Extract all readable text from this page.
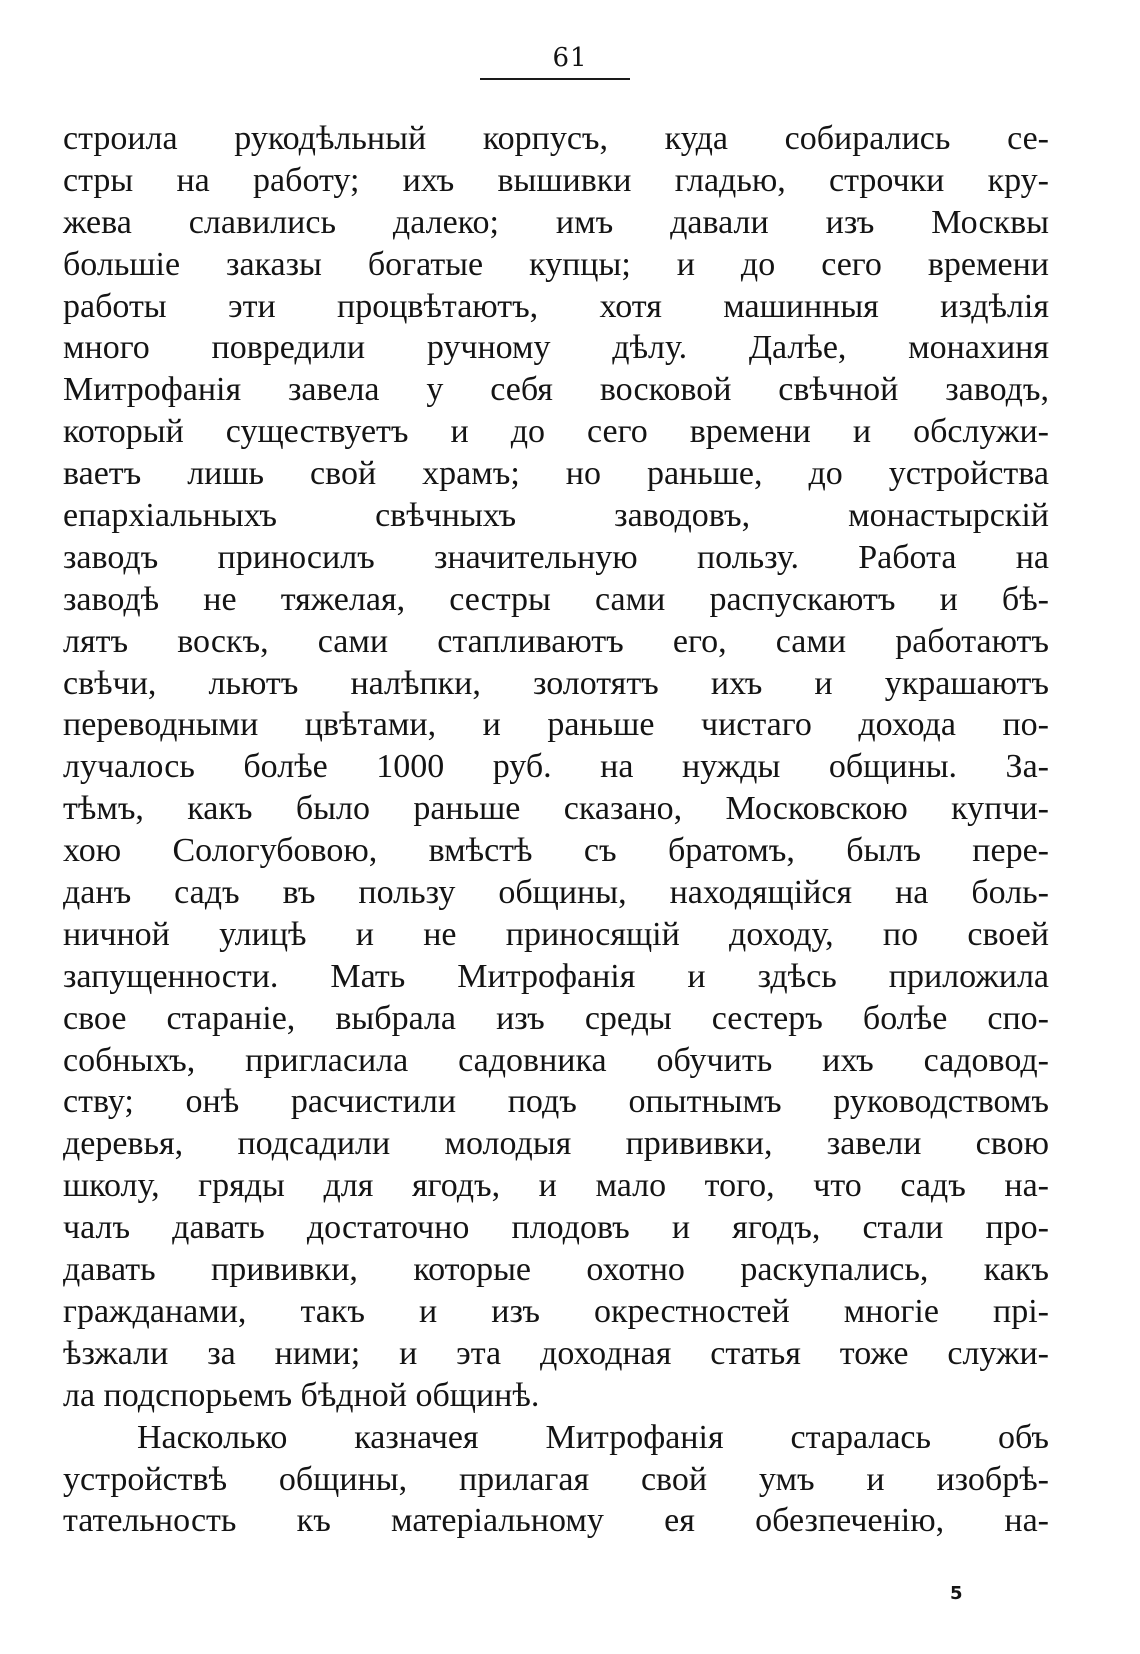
61
строила рукодѣльный корпусъ, куда собирались се-
стры на работу; ихъ вышивки гладью, строчки кру-
жева славились далеко; имъ давали изъ Москвы
большіе заказы богатые купцы; и до сего времени
работы эти процвѣтаютъ, хотя машинныя издѣлія
много повредили ручному дѣлу. Далѣе, монахиня
Митрофанія завела у себя восковой свѣчной заводъ,
который существуетъ и до сего времени и обслужи-
ваетъ лишь свой храмъ; но раньше, до устройства
епархіальныхъ свѣчныхъ заводовъ, монастырскій
заводъ приносилъ значительную пользу. Работа на
заводѣ не тяжелая, сестры сами распускаютъ и бѣ-
лятъ воскъ, сами стапливаютъ его, сами работаютъ
свѣчи, льютъ налѣпки, золотятъ ихъ и украшаютъ
переводными цвѣтами, и раньше чистаго дохода по-
лучалось болѣе 1000 руб. на нужды общины. За-
тѣмъ, какъ было раньше сказано, Московскою купчи-
хою Сологубовою, вмѣстѣ съ братомъ, былъ пере-
данъ садъ въ пользу общины, находящійся на боль-
ничной улицѣ и не приносящій доходу, по своей
запущенности. Мать Митрофанія и здѣсь приложила
свое стараніе, выбрала изъ среды сестеръ болѣе спо-
собныхъ, пригласила садовника обучить ихъ садовод-
ству; онѣ расчистили подъ опытнымъ руководствомъ
деревья, подсадили молодыя прививки, завели свою
школу, гряды для ягодъ, и мало того, что садъ на-
чалъ давать достаточно плодовъ и ягодъ, стали про-
давать прививки, которые охотно раскупались, какъ
гражданами, такъ и изъ окрестностей многіе прі-
ѣзжали за ними; и эта доходная статья тоже служи-
ла подспорьемъ бѣдной общинѣ.
Насколько казначея Митрофанія старалась объ
устройствѣ общины, прилагая свой умъ и изобрѣ-
тательность къ матеріальному ея обезпеченію, на-
5
